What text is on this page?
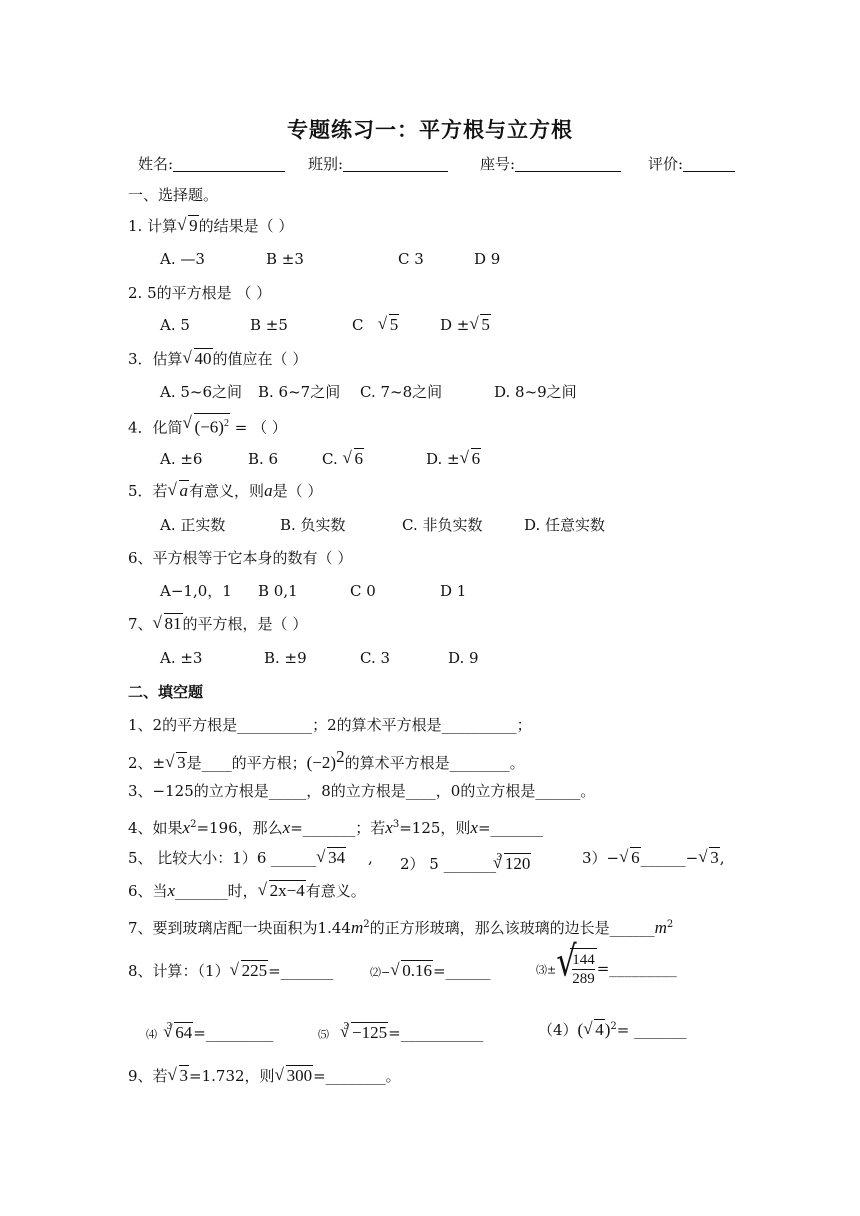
专题练习一：平方根与立方根
姓名:	班别:	座号:	评价:
一、选择题。
1. 计算 √ 9的结果是（ ）
A. —3	B ±3	C 3	D 9
2. 5的平方根是 （ ）
A. 5	B ±5	C √ 5	D ± √ 5
3．估算 √ 40的值应在（ ）
A. 5~6之间 B. 6~7之间 C. 7~8之间	D. 8~9之间
4．化简 √ $(-6)^2$ = （ ）
A. ±6	B. 6	C. √ 6	D. ± √ 6
5．若 √ a有意义，则a是（ ）
A. 正实数	B. 负实数	C. 非负实数	D. 任意实数
6、平方根等于它本身的数有（ ）
A−1,0，1 B 0,1	C 0	D 1
7、 √ 81的平方根，是（ ）
A. ±3	B. ±9	C. 3	D. 9
二、填空题
1、2的平方根是__________；2的算术平方根是__________；
2、± √ 3是____的平方根；$(-2)^2$的算术平方根是________。
3、−125的立方根是_____，8的立方根是____，0的立方根是______。
4、如果$x^2=196$，那么x=_______；若$x^3=125$，则x=_______
5、 比较大小：1）6 ______ √ 34 , 2） 5 _______$^3$ √ 120	3）− √ 6______− √ 3,
6、当x_______时， √ 2x−4有意义。
7、要到玻璃店配一块面积为$1.44m^2$的正方形玻璃，那么该玻璃的边长是$\_\_\_\_\_\_m^2$
8、计算：（1） √ 225=_______	⑵− √ 0.16=______	⑶± √ $\frac{144}{289}$ =_________
⑷  $^3$ √ 64=_________	⑸   $^3$ √ −125=___________	（4）( √ 4)$^2$= _______
9、若 √ 3=1.732，则 √ 300=________。
